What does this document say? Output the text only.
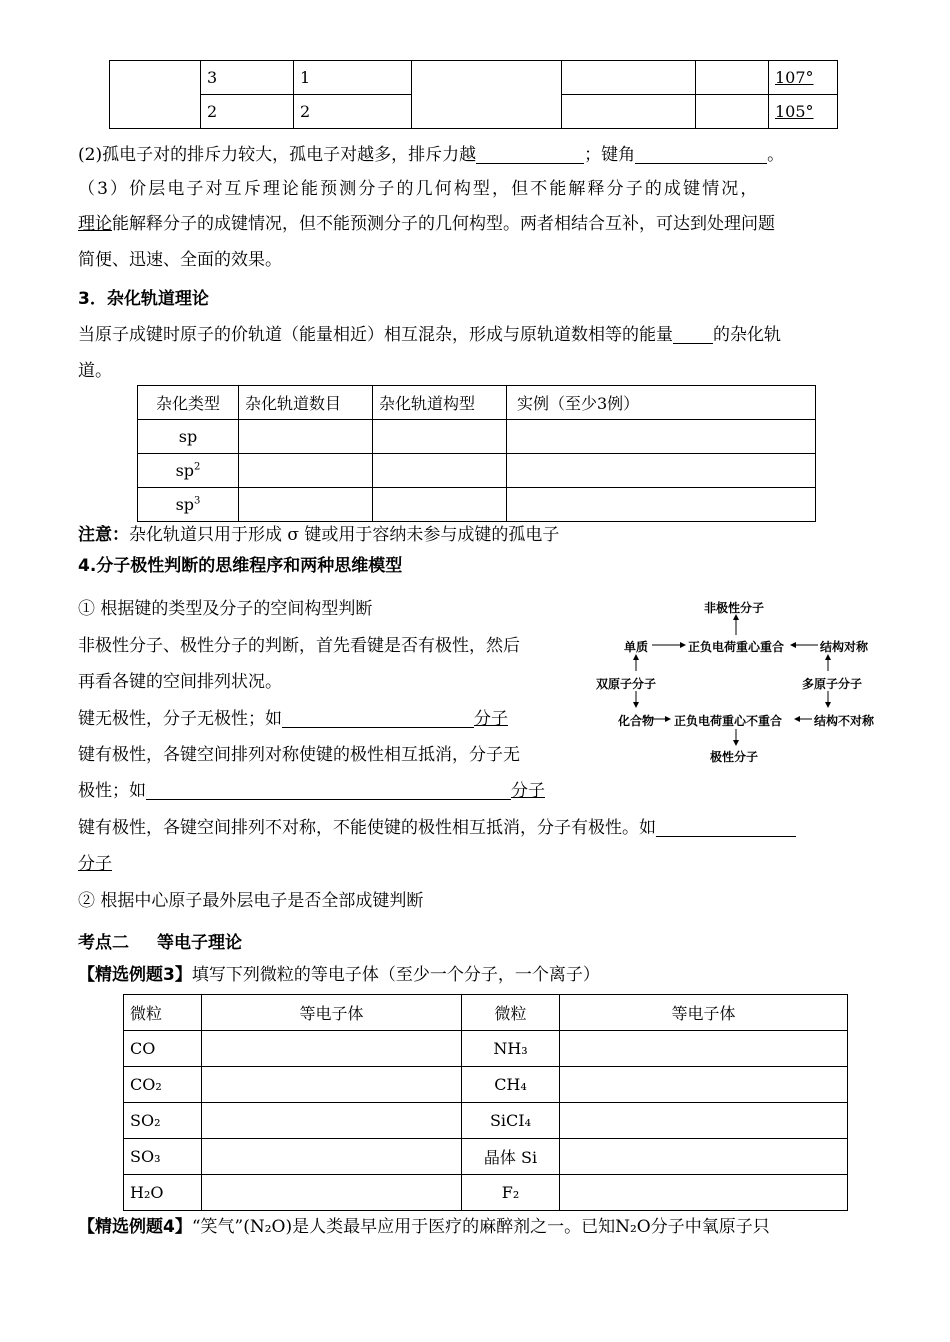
	3	1				107°
	2	2				105°
(2)孤电子对的排斥力较大，孤电子对越多，排斥力越	；键角	。
（3）价层电子对互斥理论能预测分子的几何构型，但不能解释分子的成键情况，
理论能解释分子的成键情况，但不能预测分子的几何构型。两者相结合互补，可达到处理问题
简便、迅速、全面的效果。
3．杂化轨道理论
当原子成键时原子的价轨道（能量相近）相互混杂，形成与原轨道数相等的能量 的杂化轨
道。
杂化类型	杂化轨道数目	杂化轨道构型	实例（至少3例）
sp			
$sp^2$			
$sp^3$			
注意：杂化轨道只用于形成 σ 键或用于容纳未参与成键的孤电子
4.分子极性判断的思维程序和两种思维模型
① 根据键的类型及分子的空间构型判断
非极性分子、极性分子的判断，首先看键是否有极性，然后
再看各键的空间排列状况。
键无极性，分子无极性；如	分子
键有极性，各键空间排列对称使键的极性相互抵消，分子无
极性；如	分子
键有极性，各键空间排列不对称，不能使键的极性相互抵消，分子有极性。如
分子
② 根据中心原子最外层电子是否全部成键判断
非极性分子
单质	正负电荷重心重合	结构对称
双原子分子	多原子分子
化合物 正负电荷重心不重合	结构不对称
极性分子
考点二 等电子理论
【精选例题3】填写下列微粒的等电子体（至少一个分子，一个离子）
微粒	等电子体	微粒	等电子体
CO		NH₃	
CO₂		CH₄	
SO₂		SiCI₄	
SO₃		晶体 Si	
H₂O		F₂	
【精选例题4】“笑气”(N₂O)是人类最早应用于医疗的麻醉剂之一。已知N₂O分子中氧原子只
